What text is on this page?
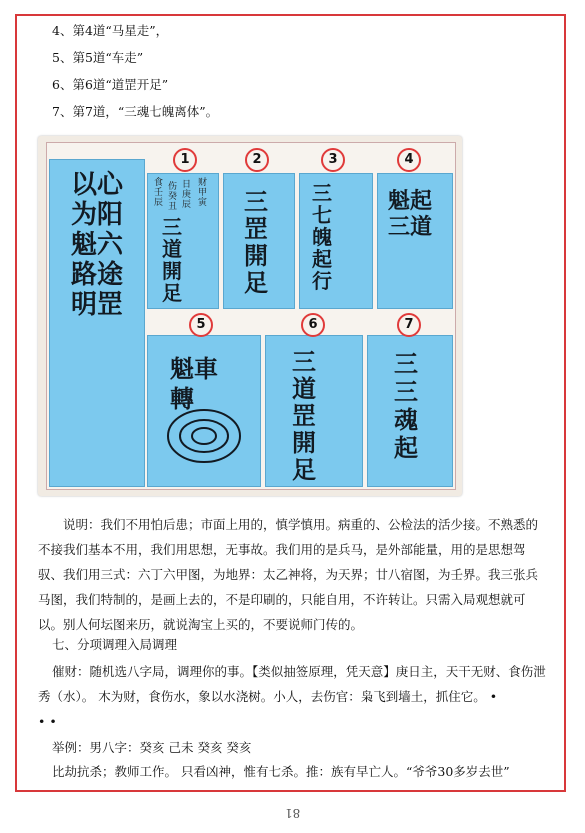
4、第4道“马星走”，
5、第5道“车走”
6、第6道“道罡开足”
7、第7道，“三魂七魄离体”。
以心为阳魁六路途明罡
食
壬
辰
伤
癸
丑
日
庚
辰
财
甲
寅
三道開足
1
三罡開足
2
三七魄起行
3
魁起三道
4
魁車轉
5
三道罡開足
6
三三魂起
7
说明：我们不用怕后患；市面上用的，慎学慎用。病重的、公检法的活少接。不熟悉的不接我们基本不用，我们用思想，无事故。我们用的是兵马，是外部能量，用的是思想驾驭、我们用三式：六丁六甲图，为地界：太乙神将，为天界；廿八宿图，为壬界。我三张兵马图，我们特制的，是画上去的，不是印刷的，只能自用，不许转让。只需入局观想就可以。别人何坛图来历，就说淘宝上买的，不要说师门传的。
七、分项调理入局调理
催财：随机选八字局，调理你的事。【类似抽签原理，凭天意】庚日主，天干无财、食伤泄秀（水）。 木为财，食伤水，象以水浇树。小人，去伤官：枭飞到墙土，抓住它。 •
• •
举例：男八字：癸亥 己未 癸亥 癸亥
比劫抗杀；教师工作。 只看凶神，惟有七杀。推：族有早亡人。“爷爷30多岁去世”
81
